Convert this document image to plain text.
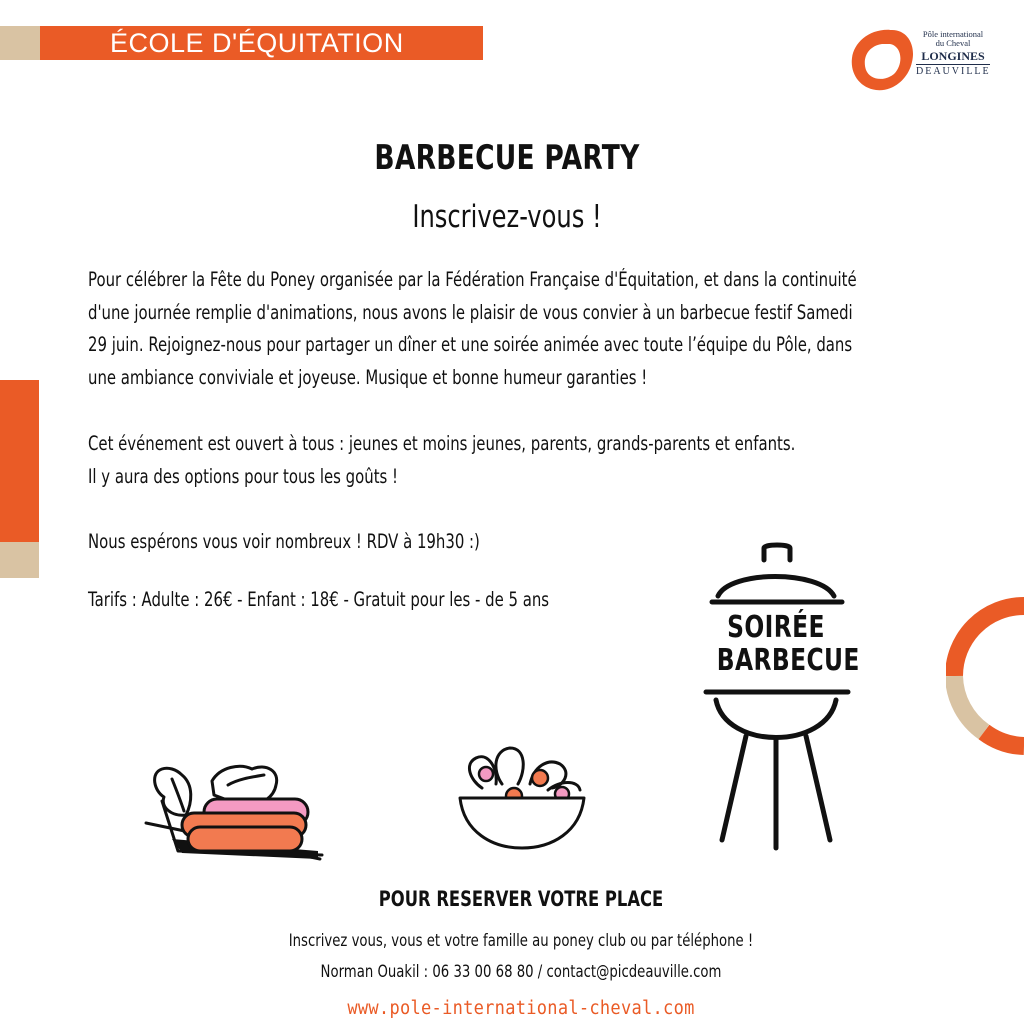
ÉCOLE D'ÉQUITATION	Pôle international
du Cheval
LONGINES
DEAUVILLE
BARBECUE PARTY
Inscrivez-vous !

Pour célébrer la Fête du Poney organisée par la Fédération Française d'Équitation, et dans la continuité

d'une journée remplie d'animations, nous avons le plaisir de vous convier à un barbecue festif Samedi

29 juin. Rejoignez-nous pour partager un dîner et une soirée animée avec toute l’équipe du Pôle, dans

une ambiance conviviale et joyeuse. Musique et bonne humeur garanties !

Cet événement est ouvert à tous : jeunes et moins jeunes, parents, grands-parents et enfants.

Il y aura des options pour tous les goûts !

Nous espérons vous voir nombreux ! RDV à 19h30 :)

Tarifs : Adulte : 26€ - Enfant : 18€ - Gratuit pour les - de 5 ans

SOIRÉE
BARBECUE
POUR RESERVER VOTRE PLACE
Inscrivez vous, vous et votre famille au poney club ou par téléphone !
Norman Ouakil : 06 33 00 68 80 / contact@picdeauville.com
www.pole-international-cheval.com
